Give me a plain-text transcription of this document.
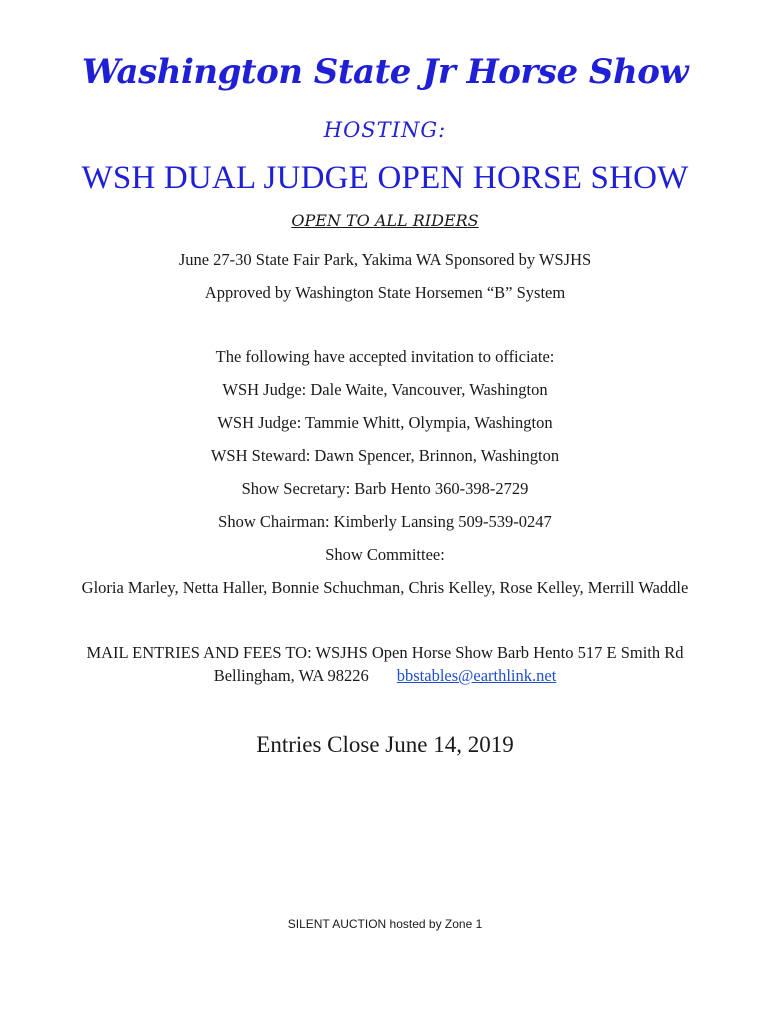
Washington State Jr Horse Show
HOSTING:
WSH DUAL JUDGE OPEN HORSE SHOW
OPEN TO ALL RIDERS
June 27-30 State Fair Park, Yakima WA Sponsored by WSJHS
Approved by Washington State Horsemen “B” System
The following have accepted invitation to officiate:
WSH Judge: Dale Waite, Vancouver, Washington
WSH Judge: Tammie Whitt, Olympia, Washington
WSH Steward: Dawn Spencer, Brinnon, Washington
Show Secretary: Barb Hento 360-398-2729
Show Chairman: Kimberly Lansing 509-539-0247
Show Committee:
Gloria Marley, Netta Haller, Bonnie Schuchman, Chris Kelley, Rose Kelley, Merrill Waddle
MAIL ENTRIES AND FEES TO: WSJHS Open Horse Show Barb Hento 517 E Smith Rd
Bellingham, WA 98226 bbstables@earthlink.net
Entries Close June 14, 2019
SILENT AUCTION hosted by Zone 1
